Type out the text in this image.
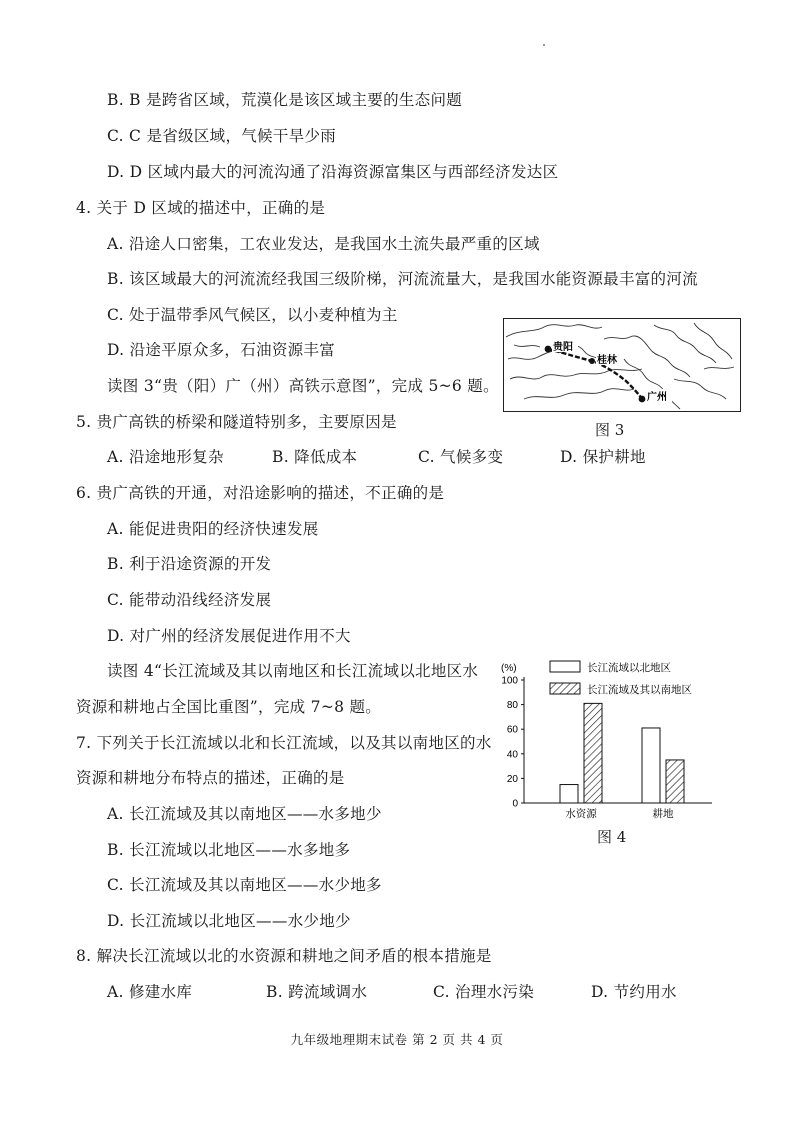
B. B 是跨省区域，荒漠化是该区域主要的生态问题
C. C 是省级区域，气候干旱少雨
D. D 区域内最大的河流沟通了沿海资源富集区与西部经济发达区
4. 关于 D 区域的描述中，正确的是
A. 沿途人口密集，工农业发达，是我国水土流失最严重的区域
B. 该区域最大的河流流经我国三级阶梯，河流流量大，是我国水能资源最丰富的河流
C. 处于温带季风气候区，以小麦种植为主
D. 沿途平原众多，石油资源丰富
读图 3“贵（阳）广（州）高铁示意图”，完成 5~6 题。
5. 贵广高铁的桥梁和隧道特别多，主要原因是
A. 沿途地形复杂	B. 降低成本	C. 气候多变	D. 保护耕地
6. 贵广高铁的开通，对沿途影响的描述，不正确的是
A. 能促进贵阳的经济快速发展
B. 利于沿途资源的开发
C. 能带动沿线经济发展
D. 对广州的经济发展促进作用不大
读图 4“长江流域及其以南地区和长江流域以北地区水
资源和耕地占全国比重图”，完成 7~8 题。
7. 下列关于长江流域以北和长江流域，以及其以南地区的水
资源和耕地分布特点的描述，正确的是
A. 长江流域及其以南地区——水多地少
B. 长江流域以北地区——水多地多
C. 长江流域及其以南地区——水少地多
D. 长江流域以北地区——水少地少
8. 解决长江流域以北的水资源和耕地之间矛盾的根本措施是
A. 修建水库	B. 跨流域调水	C. 治理水污染	D. 节约用水
贵阳
桂林
广州
图 3
(%)
0
20
40
60
80
100
长江流域以北地区
长江流域及其以南地区
水资源	耕地
图 4
九年级地理期末试卷 第 2 页 共 4 页
